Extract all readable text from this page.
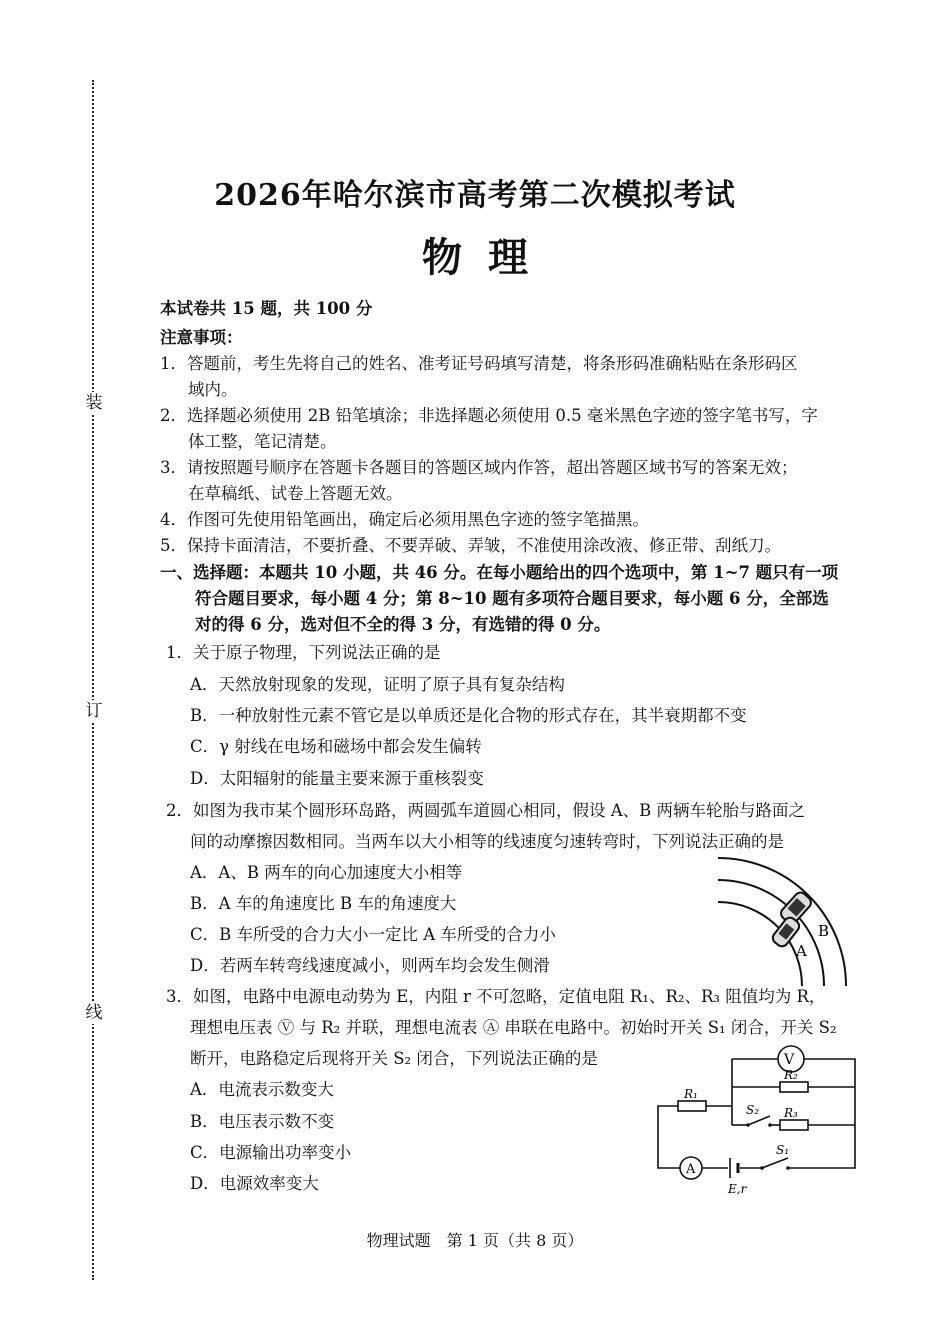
装
订
线
2026年哈尔滨市高考第二次模拟考试
物理
本试卷共 15 题，共 100 分
注意事项：
1．答题前，考生先将自己的姓名、准考证号码填写清楚，将条形码准确粘贴在条形码区
域内。
2．选择题必须使用 2B 铅笔填涂；非选择题必须使用 0.5 毫米黑色字迹的签字笔书写，字
体工整，笔记清楚。
3．请按照题号顺序在答题卡各题目的答题区域内作答，超出答题区域书写的答案无效；
在草稿纸、试卷上答题无效。
4．作图可先使用铅笔画出，确定后必须用黑色字迹的签字笔描黑。
5．保持卡面清洁，不要折叠、不要弄破、弄皱，不准使用涂改液、修正带、刮纸刀。
一、选择题：本题共 10 小题，共 46 分。在每小题给出的四个选项中，第 1~7 题只有一项
符合题目要求，每小题 4 分；第 8~10 题有多项符合题目要求，每小题 6 分，全部选
对的得 6 分，选对但不全的得 3 分，有选错的得 0 分。
1．关于原子物理，下列说法正确的是
A．天然放射现象的发现，证明了原子具有复杂结构
B．一种放射性元素不管它是以单质还是化合物的形式存在，其半衰期都不变
C．γ 射线在电场和磁场中都会发生偏转
D．太阳辐射的能量主要来源于重核裂变
2．如图为我市某个圆形环岛路，两圆弧车道圆心相同，假设 A、B 两辆车轮胎与路面之
间的动摩擦因数相同。当两车以大小相等的线速度匀速转弯时，下列说法正确的是
A．A、B 两车的向心加速度大小相等
B．A 车的角速度比 B 车的角速度大
C．B 车所受的合力大小一定比 A 车所受的合力小
D．若两车转弯线速度减小，则两车均会发生侧滑
B
A
3．如图，电路中电源电动势为 E，内阻 r 不可忽略，定值电阻 R₁、R₂、R₃ 阻值均为 R，
理想电压表 Ⓥ 与 R₂ 并联，理想电流表 Ⓐ 串联在电路中。初始时开关 S₁ 闭合，开关 S₂
断开，电路稳定后现将开关 S₂ 闭合，下列说法正确的是
A．电流表示数变大
B．电压表示数不变
C．电源输出功率变小
D．电源效率变大
V
A
R₂
R₁
R₃
S₂
S₁
E,r
物理试题　第 1 页（共 8 页）
